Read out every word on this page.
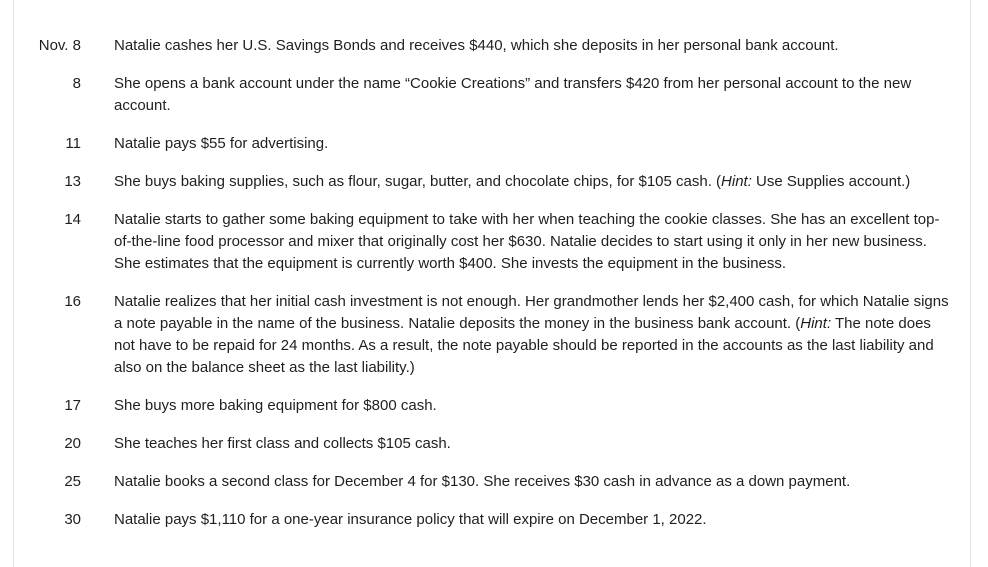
Nov. 8 Natalie cashes her U.S. Savings Bonds and receives $440, which she deposits in her personal bank account.
8 She opens a bank account under the name “Cookie Creations” and transfers $420 from her personal account to the new account.
11 Natalie pays $55 for advertising.
13 She buys baking supplies, such as flour, sugar, butter, and chocolate chips, for $105 cash. (Hint: Use Supplies account.)
14 Natalie starts to gather some baking equipment to take with her when teaching the cookie classes. She has an excellent top-of-the-line food processor and mixer that originally cost her $630. Natalie decides to start using it only in her new business. She estimates that the equipment is currently worth $400. She invests the equipment in the business.
16 Natalie realizes that her initial cash investment is not enough. Her grandmother lends her $2,400 cash, for which Natalie signs a note payable in the name of the business. Natalie deposits the money in the business bank account. (Hint: The note does not have to be repaid for 24 months. As a result, the note payable should be reported in the accounts as the last liability and also on the balance sheet as the last liability.)
17 She buys more baking equipment for $800 cash.
20 She teaches her first class and collects $105 cash.
25 Natalie books a second class for December 4 for $130. She receives $30 cash in advance as a down payment.
30 Natalie pays $1,110 for a one-year insurance policy that will expire on December 1, 2022.
